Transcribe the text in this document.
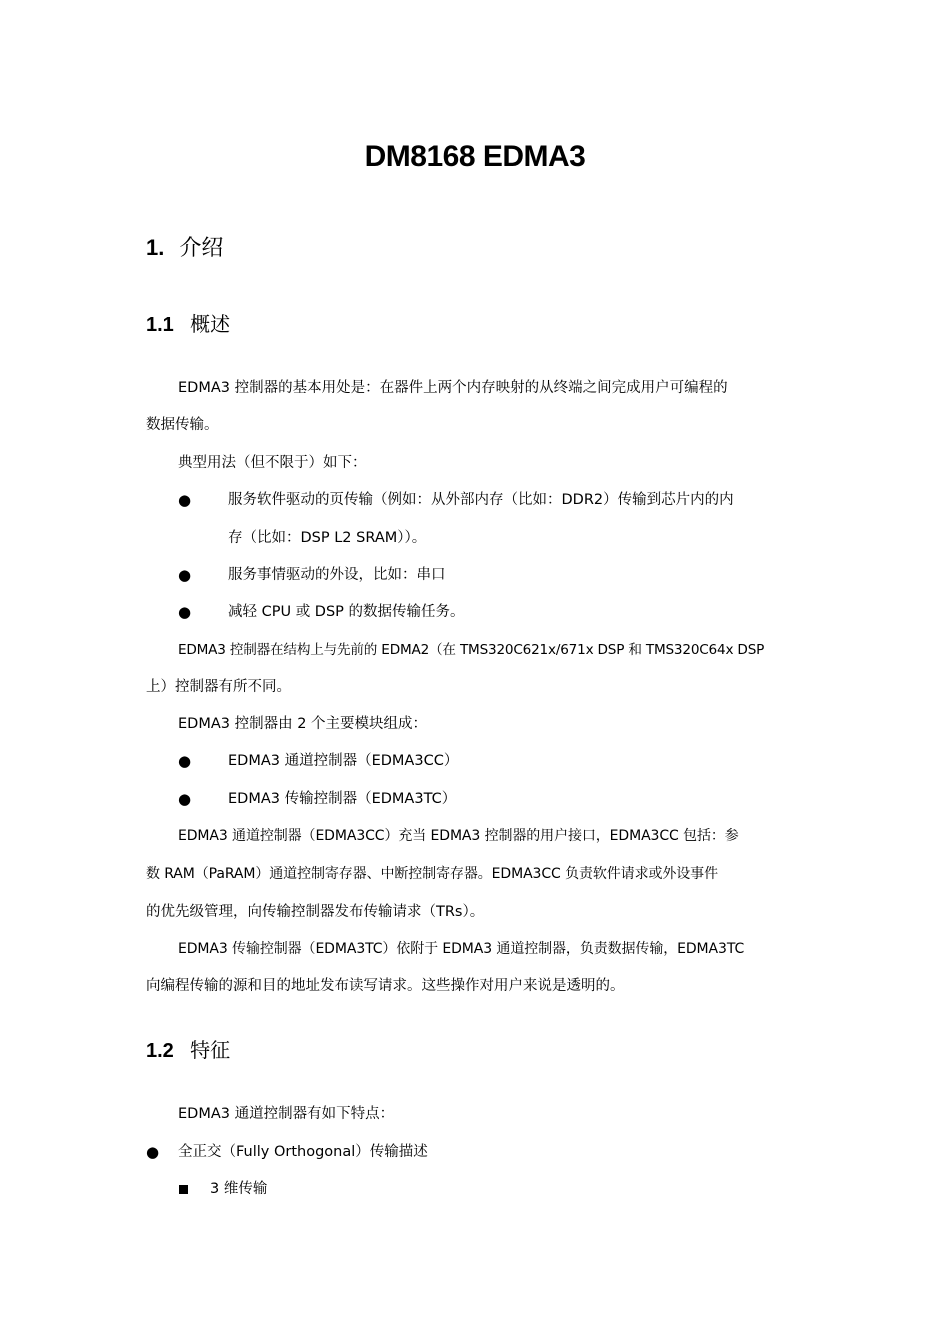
DM8168 EDMA3
1. 介绍
1.1 概述
EDMA3 控制器的基本用处是：在器件上两个内存映射的从终端之间完成用户可编程的
数据传输。
典型用法（但不限于）如下：
●	服务软件驱动的页传输（例如：从外部内存（比如：DDR2）传输到芯片内的内
存（比如：DSP L2 SRAM））。
●	服务事情驱动的外设，比如：串口
●	减轻 CPU 或 DSP 的数据传输任务。
EDMA3 控制器在结构上与先前的 EDMA2（在 TMS320C621x/671x DSP 和 TMS320C64x DSP
上）控制器有所不同。
EDMA3 控制器由 2 个主要模块组成：
●	EDMA3 通道控制器（EDMA3CC）
●	EDMA3 传输控制器（EDMA3TC）
EDMA3 通道控制器（EDMA3CC）充当 EDMA3 控制器的用户接口，EDMA3CC 包括：参
数 RAM（PaRAM）通道控制寄存器、中断控制寄存器。EDMA3CC 负责软件请求或外设事件
的优先级管理，向传输控制器发布传输请求（TRs）。
EDMA3 传输控制器（EDMA3TC）依附于 EDMA3 通道控制器，负责数据传输，EDMA3TC
向编程传输的源和目的地址发布读写请求。这些操作对用户来说是透明的。
1.2 特征
EDMA3 通道控制器有如下特点：
● 全正交（Fully Orthogonal）传输描述
3 维传输
